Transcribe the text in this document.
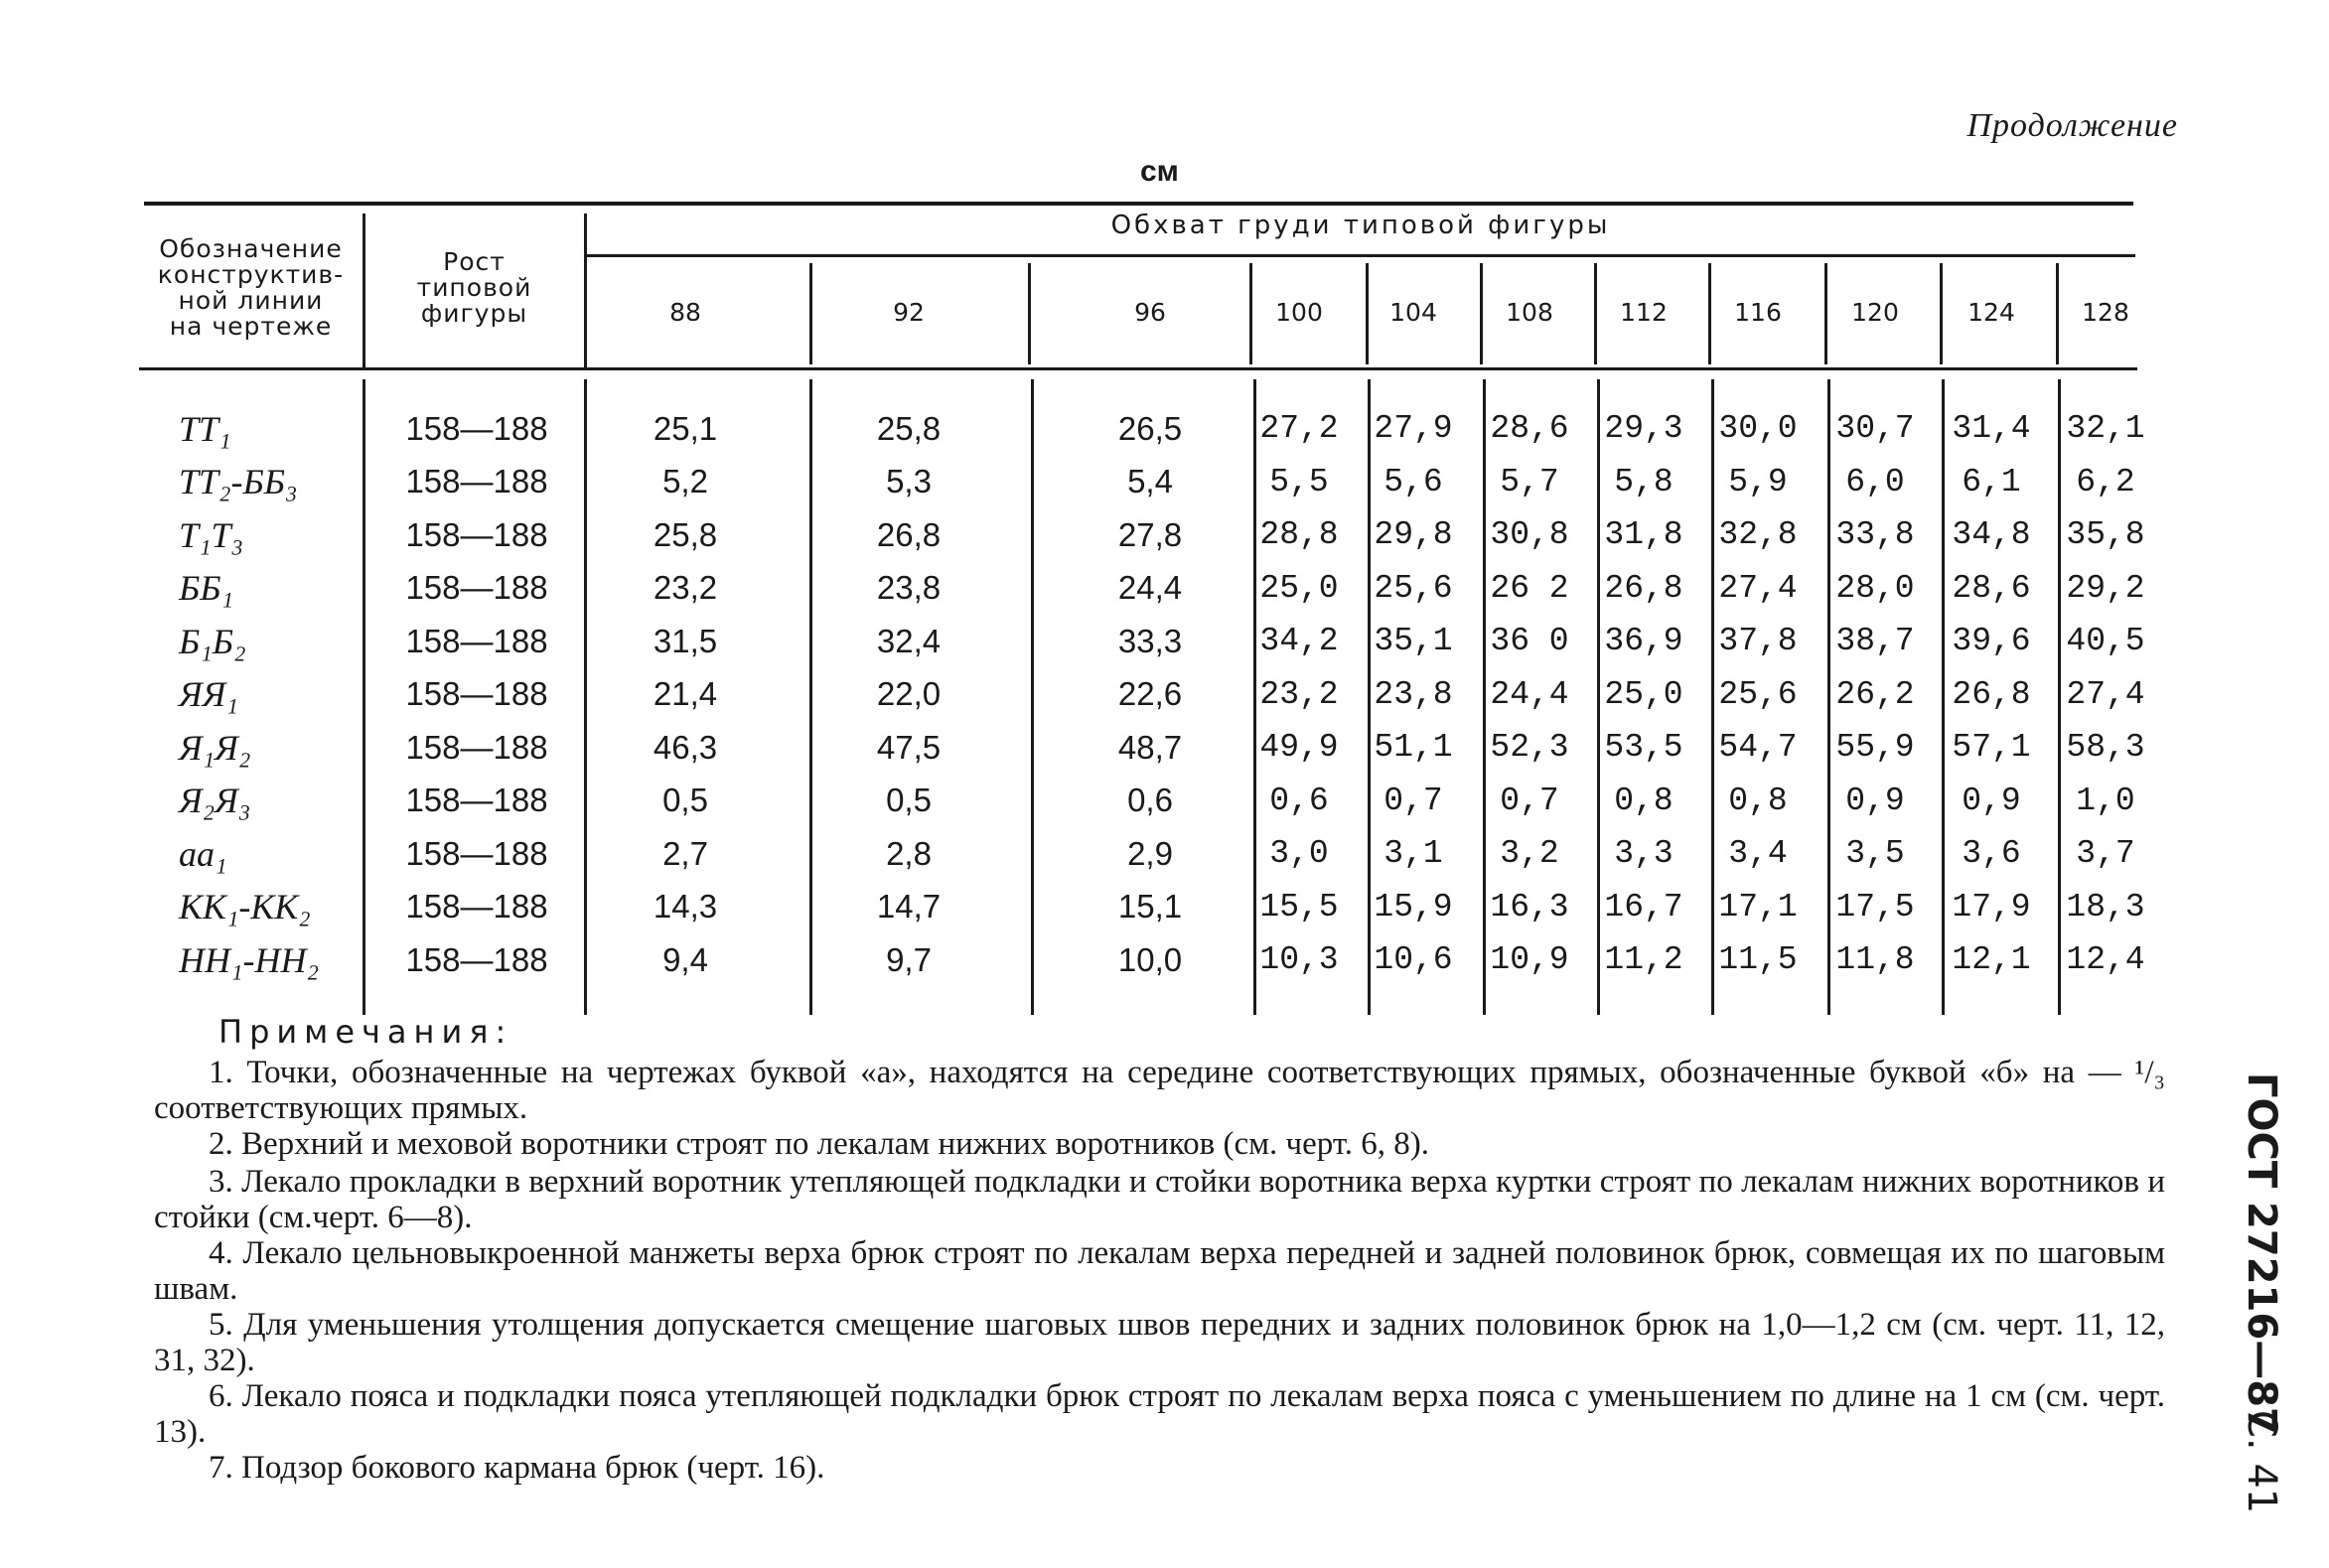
Продолжение
см
Обозначение
конструктив-
ной линии
на чертеже
Рост
типовой
фигуры
Обхват груди типовой фигуры
88	92	96	100	104	108	112	116	120	124	128
ТТ₁	158—188	25,1	25,8	26,5	27,2	27,9	28,6	29,3	30,0	30,7	31,4	32,1
ТТ₂-ББ₃	158—188	5,2	5,3	5,4	5,5	5,6	5,7	5,8	5,9	6,0	6,1	6,2
Т₁Т₃	158—188	25,8	26,8	27,8	28,8	29,8	30,8	31,8	32,8	33,8	34,8	35,8
ББ₁	158—188	23,2	23,8	24,4	25,0	25,6	26 2	26,8	27,4	28,0	28,6	29,2
Б₁Б₂	158—188	31,5	32,4	33,3	34,2	35,1	36 0	36,9	37,8	38,7	39,6	40,5
ЯЯ₁	158—188	21,4	22,0	22,6	23,2	23,8	24,4	25,0	25,6	26,2	26,8	27,4
Я₁Я₂	158—188	46,3	47,5	48,7	49,9	51,1	52,3	53,5	54,7	55,9	57,1	58,3
Я₂Я₃	158—188	0,5	0,5	0,6	0,6	0,7	0,7	0,8	0,8	0,9	0,9	1,0
аа₁	158—188	2,7	2,8	2,9	3,0	3,1	3,2	3,3	3,4	3,5	3,6	3,7
КК₁-КК₂	158—188	14,3	14,7	15,1	15,5	15,9	16,3	16,7	17,1	17,5	17,9	18,3
НН₁-НН₂	158—188	9,4	9,7	10,0	10,3	10,6	10,9	11,2	11,5	11,8	12,1	12,4
Примечания:
1. Точки, обозначенные на чертежах буквой «а», находятся на середине соответствующих прямых, обозначенные буквой «б» на — ¹/₃ соответствующих прямых.
2. Верхний и меховой воротники строят по лекалам нижних воротников (см. черт. 6, 8).
3. Лекало прокладки в верхний воротник утепляющей подкладки и стойки воротника верха куртки строят по лекалам нижних воротников и стойки (см.черт. 6—8).
4. Лекало цельновыкроенной манжеты верха брюк строят по лекалам верха передней и задней половинок брюк, совмещая их по шаговым швам.
5. Для уменьшения утолщения допускается смещение шаговых швов передних и задних половинок брюк на 1,0—1,2 см (см. черт. 11, 12, 31, 32).
6. Лекало пояса и подкладки пояса утепляющей подкладки брюк строят по лекалам верха пояса с уменьшением по длине на 1 см (см. черт. 13).
7. Подзор бокового кармана брюк (черт. 16).
ГОСТ 27216—87
С. 41
